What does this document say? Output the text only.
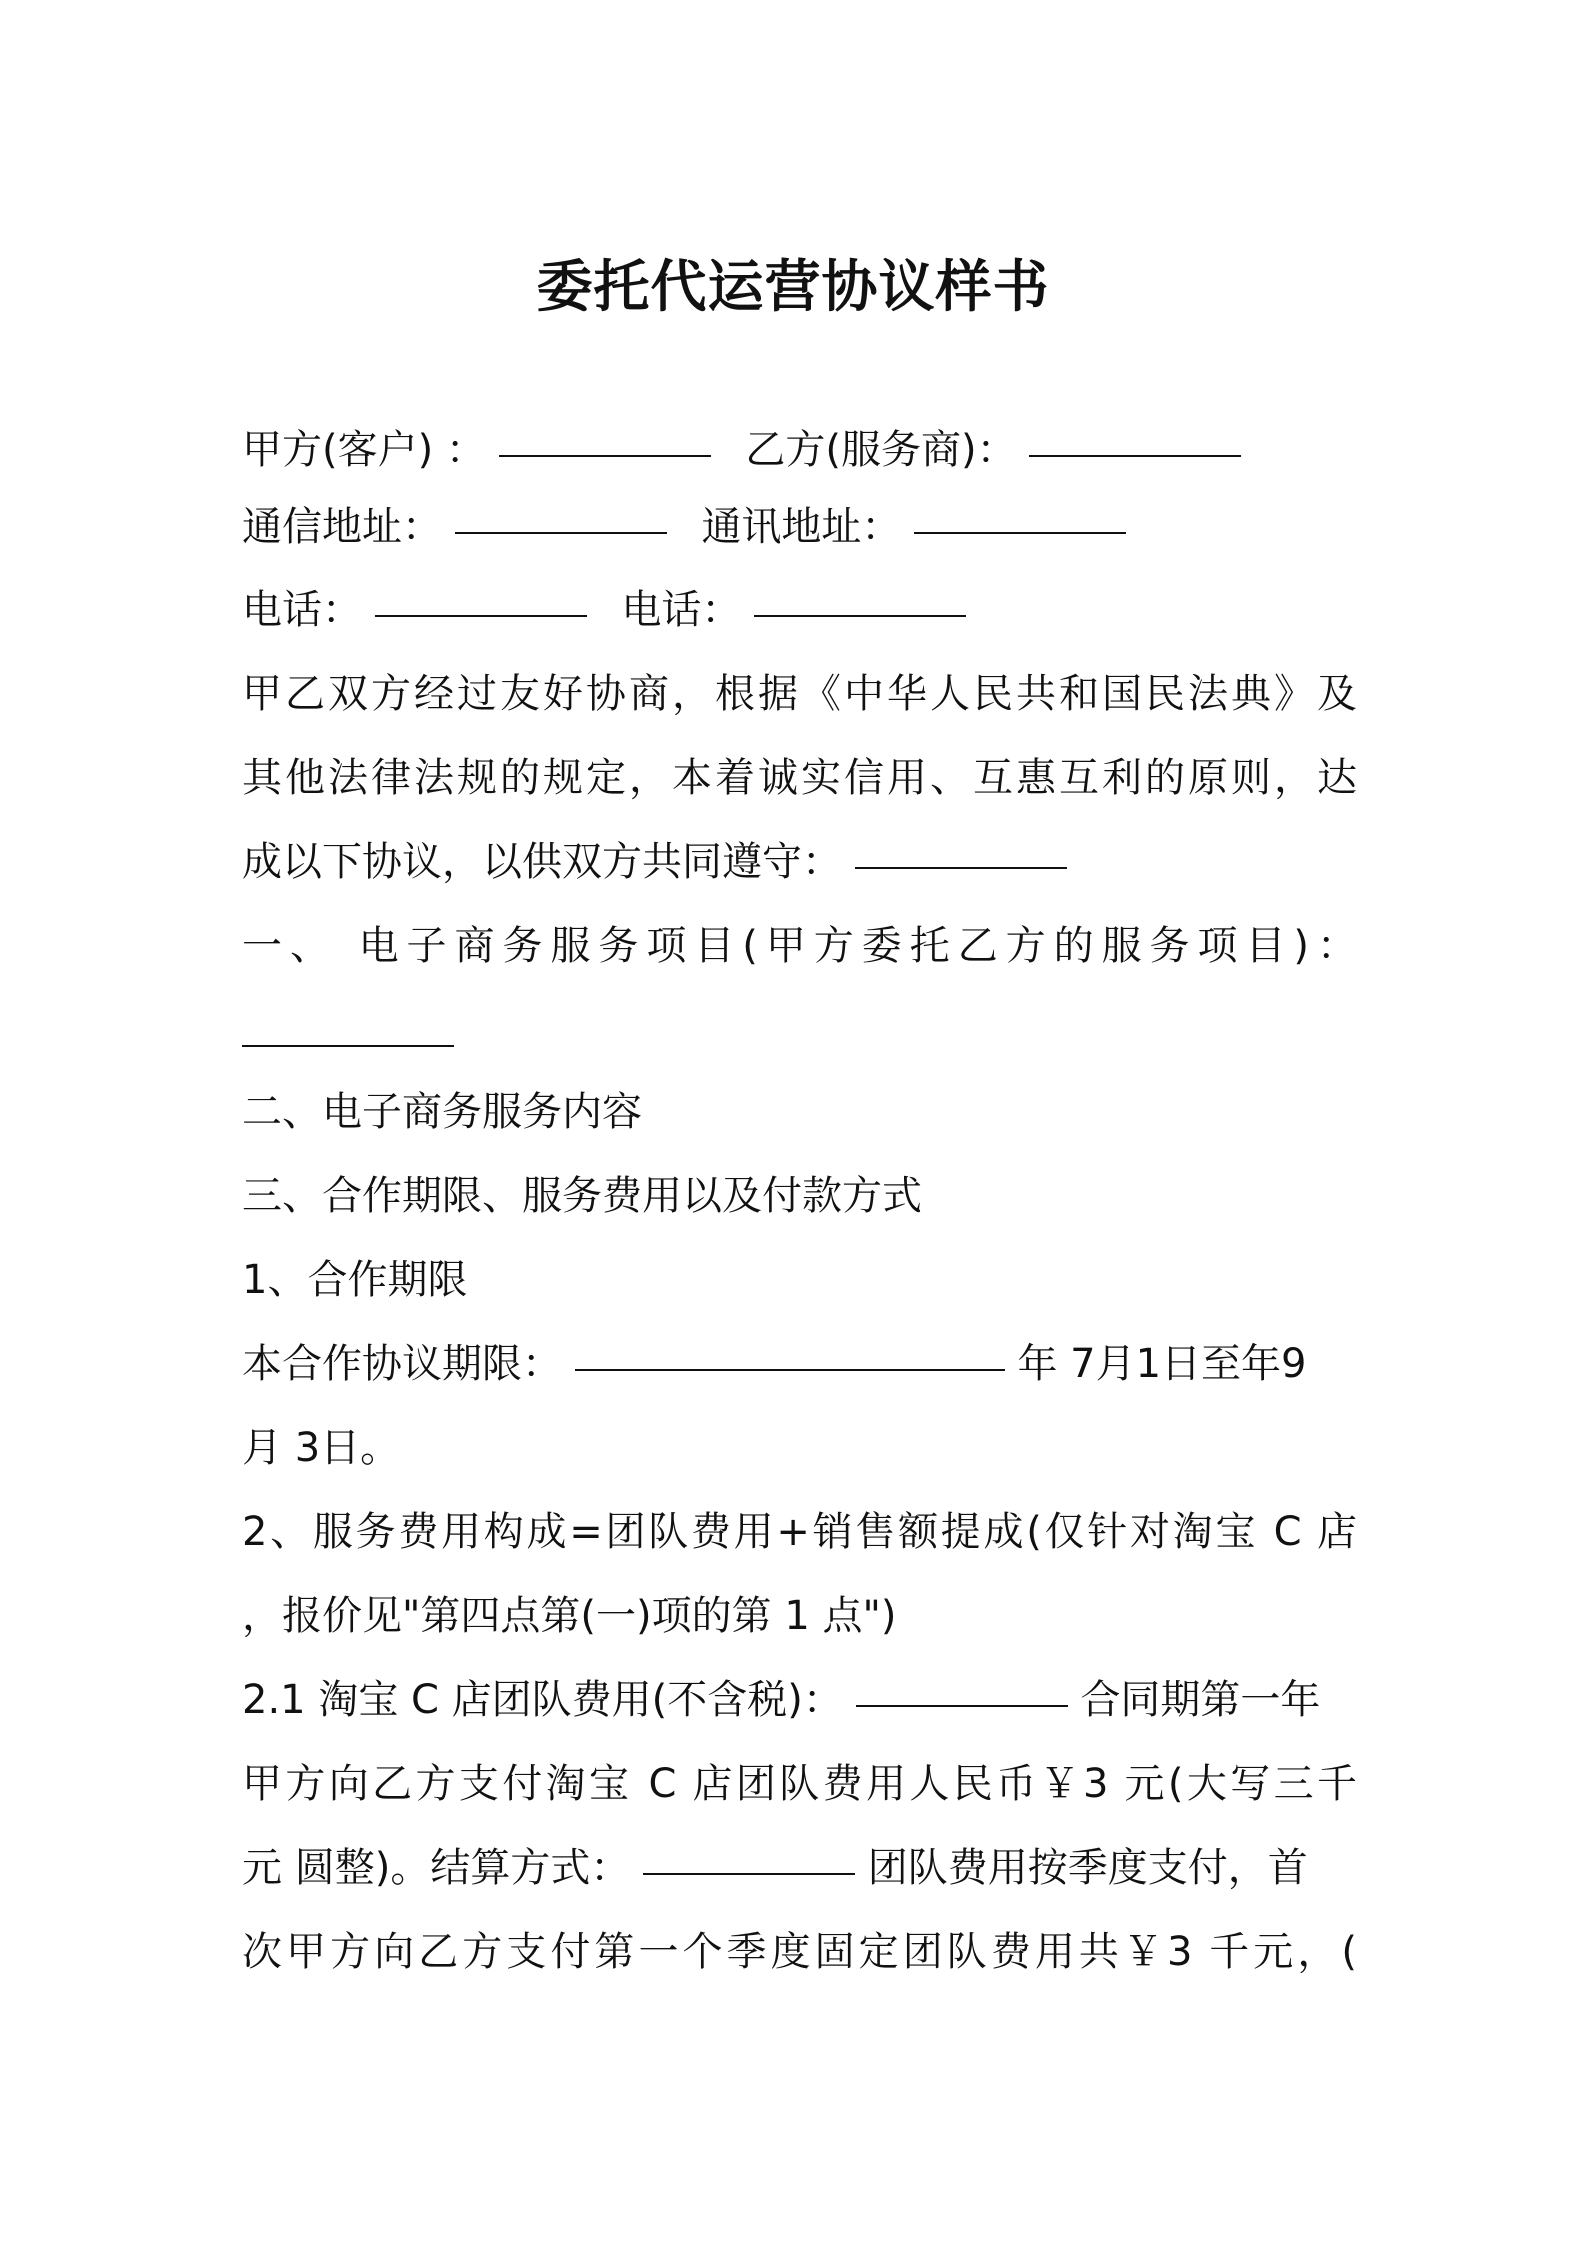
委托代运营协议样书
甲方(客户) ：	乙方(服务商)：
通信地址：	通讯地址：
电话：	电话：
甲乙双方经过友好协商，根据《中华人民共和国民法典》及
其他法律法规的规定，本着诚实信用、互惠互利的原则，达
成以下协议，以供双方共同遵守：
一、 电子商务服务项目(甲方委托乙方的服务项目)：
二、电子商务服务内容
三、合作期限、服务费用以及付款方式
1、合作期限
本合作协议期限：	年 7月1日至年9
月 3日。
2、服务费用构成=团队费用+销售额提成(仅针对淘宝 C 店
，报价见"第四点第(一)项的第 1 点")
2.1 淘宝 C 店团队费用(不含税)：	合同期第一年
甲方向乙方支付淘宝 C 店团队费用人民币￥3 元(大写三千
元 圆整)。结算方式：	团队费用按季度支付，首
次甲方向乙方支付第一个季度固定团队费用共￥3 千元，(
